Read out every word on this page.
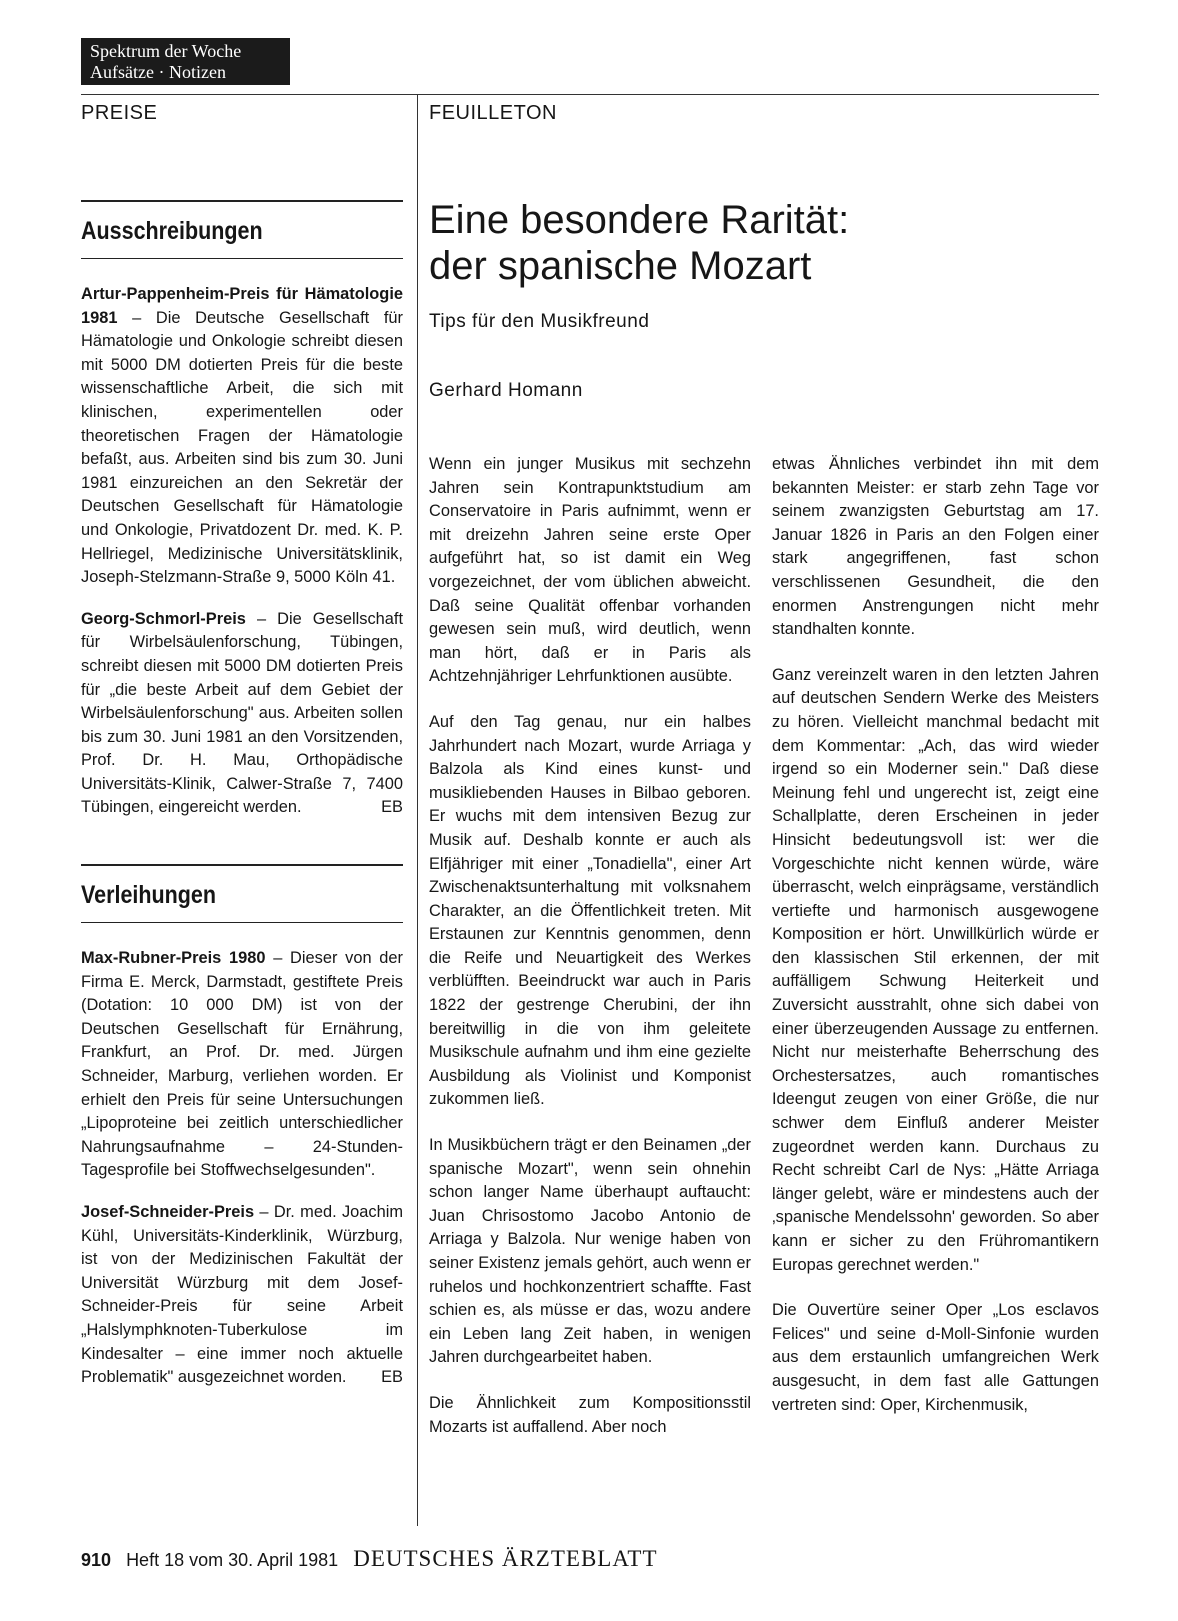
Spektrum der Woche
Aufsätze · Notizen
PREISE	FEUILLETON
Ausschreibungen

Artur-Pappenheim-Preis für Hämatologie 1981 – Die Deutsche Gesellschaft für Hämatologie und Onkologie schreibt diesen mit 5000 DM dotierten Preis für die beste wissenschaftliche Arbeit, die sich mit klinischen, experimentellen oder theoretischen Fragen der Hämatologie befaßt, aus. Arbeiten sind bis zum 30. Juni 1981 einzureichen an den Sekretär der Deutschen Gesellschaft für Hämatologie und Onkologie, Privatdozent Dr. med. K. P. Hellriegel, Medizinische Universitätsklinik, Joseph-Stelzmann-Straße 9, 5000 Köln 41.

Georg-Schmorl-Preis – Die Gesellschaft für Wirbelsäulenforschung, Tübingen, schreibt diesen mit 5000 DM dotierten Preis für „die beste Arbeit auf dem Gebiet der Wirbelsäulenforschung" aus. Arbeiten sollen bis zum 30. Juni 1981 an den Vorsitzenden, Prof. Dr. H. Mau, Orthopädische Universitäts-Klinik, Calwer-Straße 7, 7400 Tübingen, eingereicht werden.	EB

Verleihungen

Max-Rubner-Preis 1980 – Dieser von der Firma E. Merck, Darmstadt, gestiftete Preis (Dotation: 10 000 DM) ist von der Deutschen Gesellschaft für Ernährung, Frankfurt, an Prof. Dr. med. Jürgen Schneider, Marburg, verliehen worden. Er erhielt den Preis für seine Untersuchungen „Lipoproteine bei zeitlich unterschiedlicher Nahrungsaufnahme – 24-Stunden-Tagesprofile bei Stoffwechselgesunden".

Josef-Schneider-Preis – Dr. med. Joachim Kühl, Universitäts-Kinderklinik, Würzburg, ist von der Medizinischen Fakultät der Universität Würzburg mit dem Josef-Schneider-Preis für seine Arbeit „Halslymphknoten-Tuberkulose im Kindesalter – eine immer noch aktuelle Problematik" ausgezeichnet worden. EB

Eine besondere Rarität:
der spanische Mozart
Tips für den Musikfreund
Gerhard Homann

Wenn ein junger Musikus mit sechzehn Jahren sein Kontrapunktstudium am Conservatoire in Paris aufnimmt, wenn er mit dreizehn Jahren seine erste Oper aufgeführt hat, so ist damit ein Weg vorgezeichnet, der vom üblichen abweicht. Daß seine Qualität offenbar vorhanden gewesen sein muß, wird deutlich, wenn man hört, daß er in Paris als Achtzehnjähriger Lehrfunktionen ausübte.

Auf den Tag genau, nur ein halbes Jahrhundert nach Mozart, wurde Arriaga y Balzola als Kind eines kunst- und musikliebenden Hauses in Bilbao geboren. Er wuchs mit dem intensiven Bezug zur Musik auf. Deshalb konnte er auch als Elfjähriger mit einer „Tonadiella", einer Art Zwischenaktsunterhaltung mit volksnahem Charakter, an die Öffentlichkeit treten. Mit Erstaunen zur Kenntnis genommen, denn die Reife und Neuartigkeit des Werkes verblüfften. Beeindruckt war auch in Paris 1822 der gestrenge Cherubini, der ihn bereitwillig in die von ihm geleitete Musikschule aufnahm und ihm eine gezielte Ausbildung als Violinist und Komponist zukommen ließ.

In Musikbüchern trägt er den Beinamen „der spanische Mozart", wenn sein ohnehin schon langer Name überhaupt auftaucht: Juan Chrisostomo Jacobo Antonio de Arriaga y Balzola. Nur wenige haben von seiner Existenz jemals gehört, auch wenn er ruhelos und hochkonzentriert schaffte. Fast schien es, als müsse er das, wozu andere ein Leben lang Zeit haben, in wenigen Jahren durchgearbeitet haben.

Die Ähnlichkeit zum Kompositionsstil Mozarts ist auffallend. Aber noch

etwas Ähnliches verbindet ihn mit dem bekannten Meister: er starb zehn Tage vor seinem zwanzigsten Geburtstag am 17. Januar 1826 in Paris an den Folgen einer stark angegriffenen, fast schon verschlissenen Gesundheit, die den enormen Anstrengungen nicht mehr standhalten konnte.

Ganz vereinzelt waren in den letzten Jahren auf deutschen Sendern Werke des Meisters zu hören. Vielleicht manchmal bedacht mit dem Kommentar: „Ach, das wird wieder irgend so ein Moderner sein." Daß diese Meinung fehl und ungerecht ist, zeigt eine Schallplatte, deren Erscheinen in jeder Hinsicht bedeutungsvoll ist: wer die Vorgeschichte nicht kennen würde, wäre überrascht, welch einprägsame, verständlich vertiefte und harmonisch ausgewogene Komposition er hört. Unwillkürlich würde er den klassischen Stil erkennen, der mit auffälligem Schwung Heiterkeit und Zuversicht ausstrahlt, ohne sich dabei von einer überzeugenden Aussage zu entfernen. Nicht nur meisterhafte Beherrschung des Orchestersatzes, auch romantisches Ideengut zeugen von einer Größe, die nur schwer dem Einfluß anderer Meister zugeordnet werden kann. Durchaus zu Recht schreibt Carl de Nys: „Hätte Arriaga länger gelebt, wäre er mindestens auch der ‚spanische Mendelssohn' geworden. So aber kann er sicher zu den Frühromantikern Europas gerechnet werden."

Die Ouvertüre seiner Oper „Los esclavos Felices" und seine d-Moll-Sinfonie wurden aus dem erstaunlich umfangreichen Werk ausgesucht, in dem fast alle Gattungen vertreten sind: Oper, Kirchenmusik,

910 Heft 18 vom 30. April 1981 DEUTSCHES ÄRZTEBLATT
